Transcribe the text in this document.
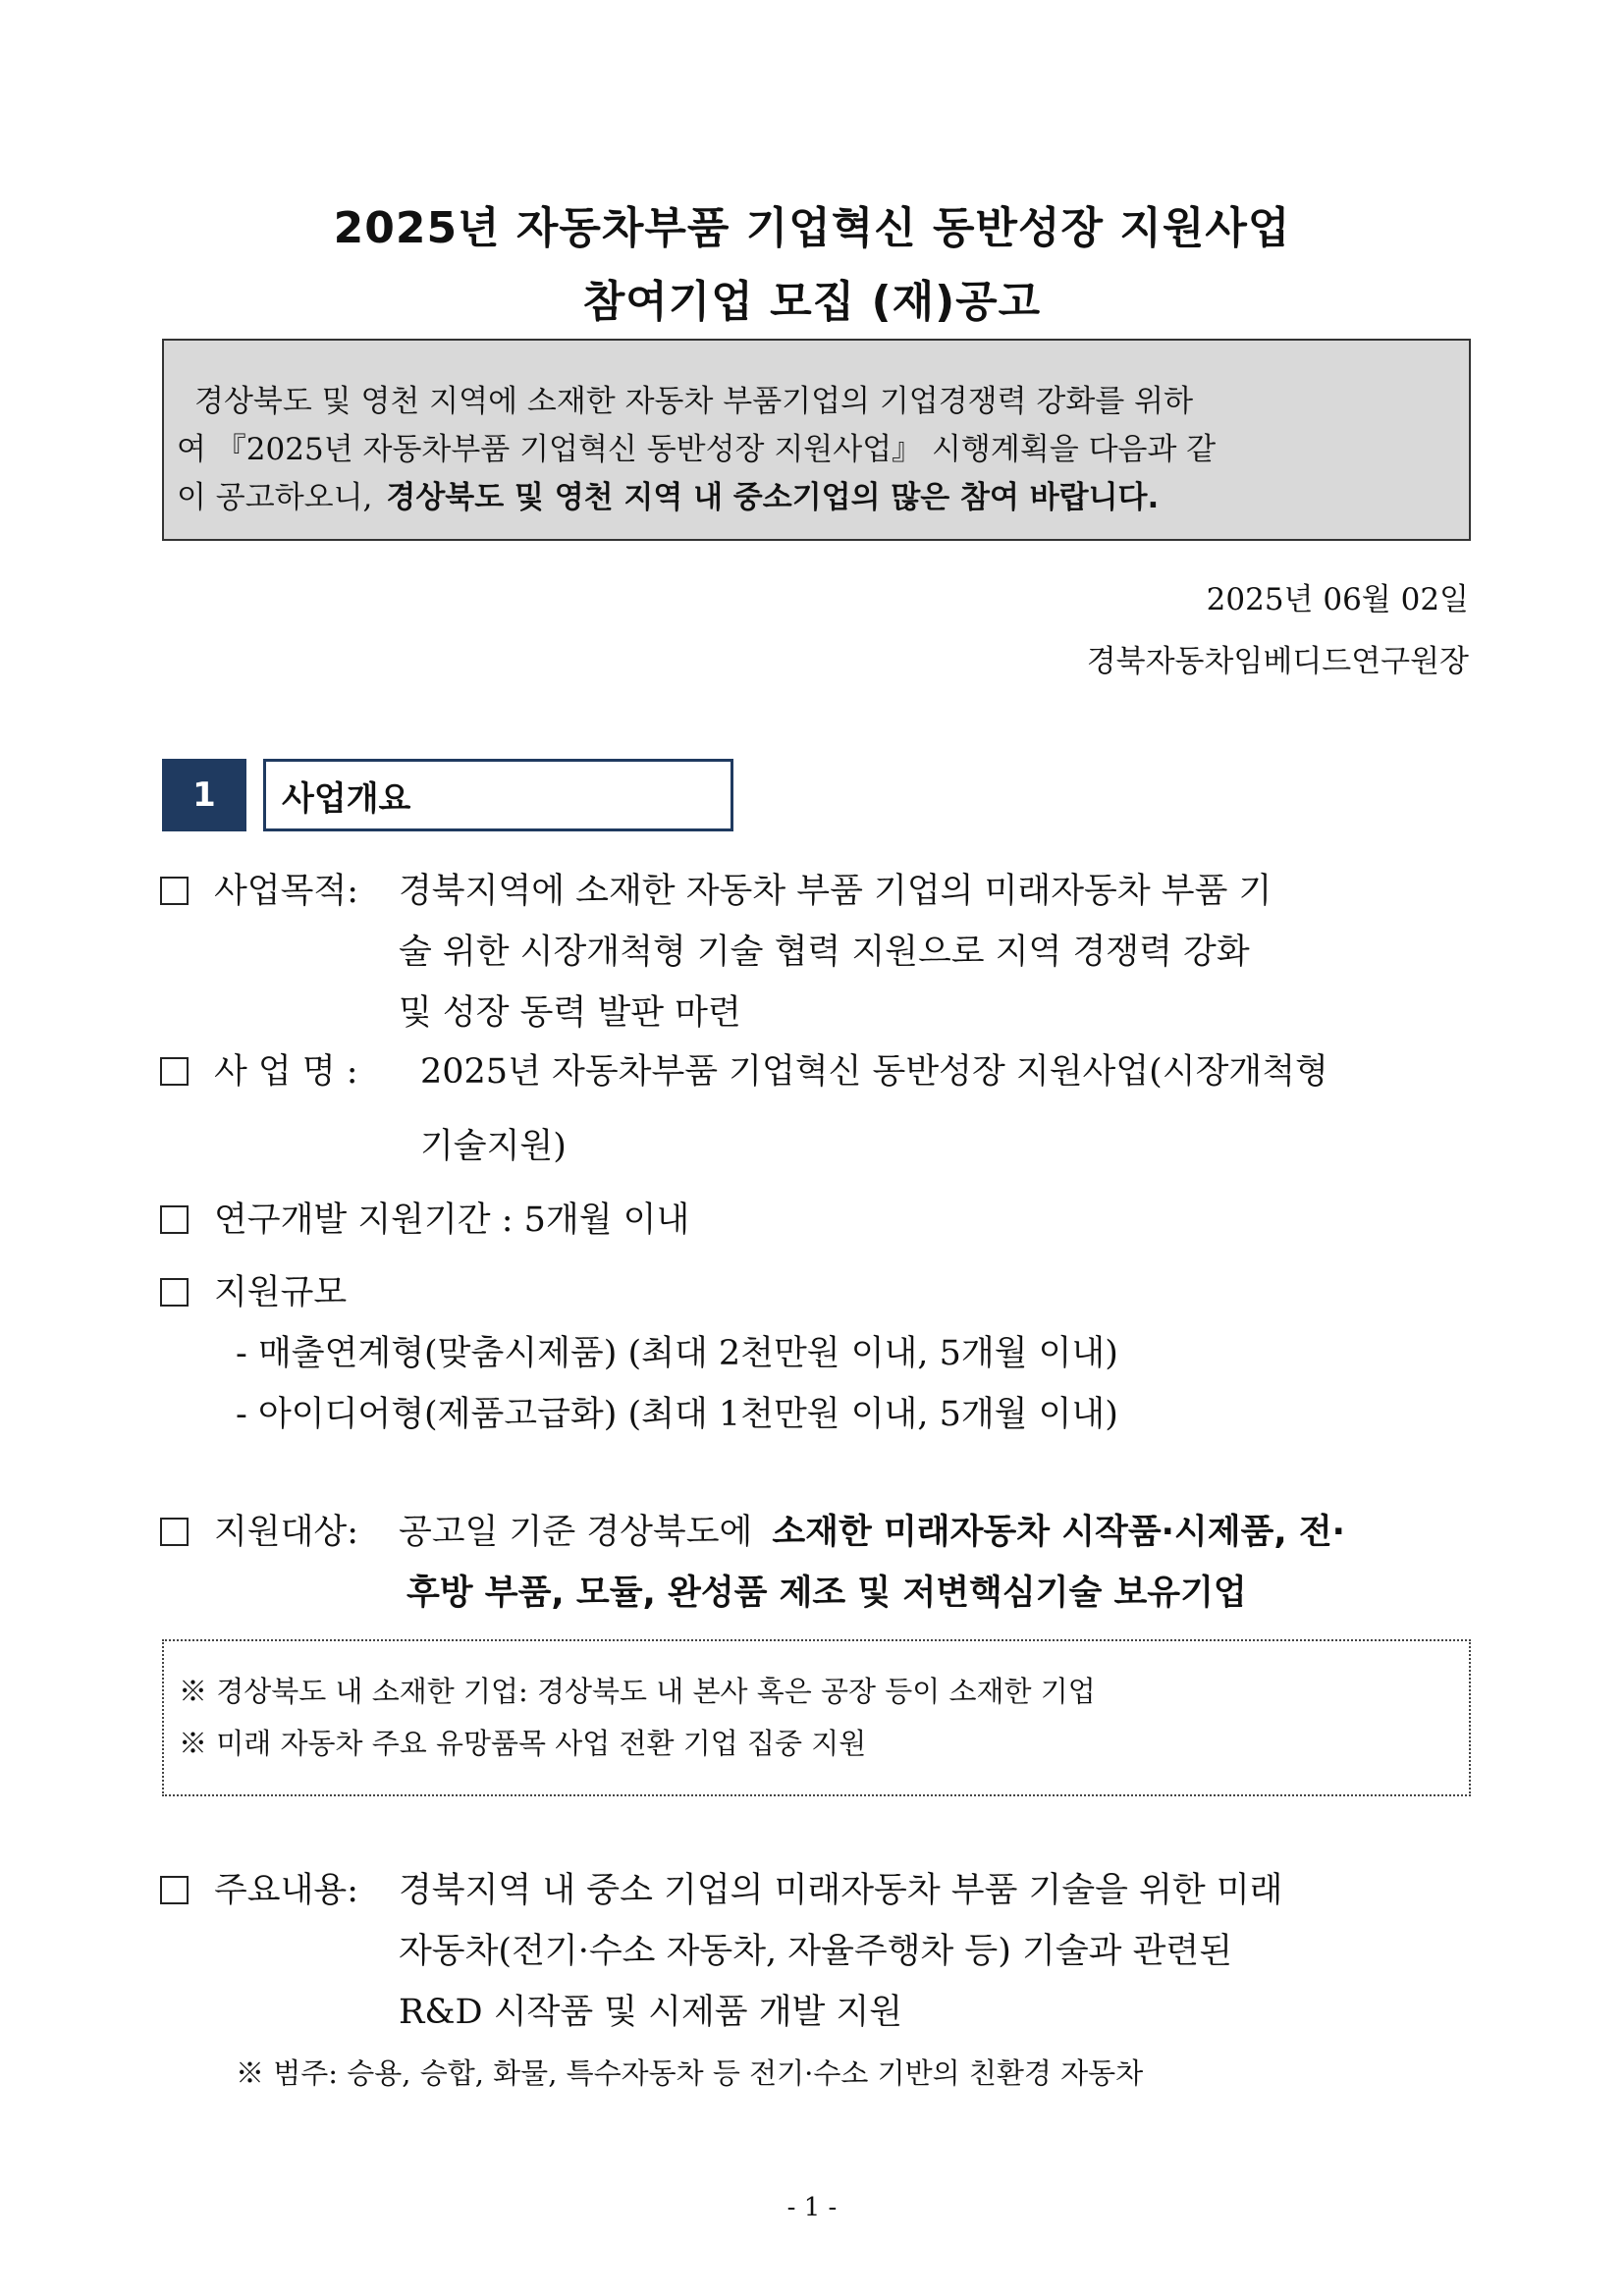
2025년 자동차부품 기업혁신 동반성장 지원사업
참여기업 모집 (재)공고
경상북도 및 영천 지역에 소재한 자동차 부품기업의 기업경쟁력 강화를 위하
여 『2025년 자동차부품 기업혁신 동반성장 지원사업』 시행계획을 다음과 같
이 공고하오니, 경상북도 및 영천 지역 내 중소기업의 많은 참여 바랍니다.
2025년 06월 02일
경북자동차임베디드연구원장
1	사업개요
사업목적: 경북지역에 소재한 자동차 부품 기업의 미래자동차 부품 기
술 위한 시장개척형 기술 협력 지원으로 지역 경쟁력 강화
및 성장 동력 발판 마련
사 업 명 : 2025년 자동차부품 기업혁신 동반성장 지원사업(시장개척형
기술지원)
연구개발 지원기간 : 5개월 이내
지원규모
- 매출연계형(맞춤시제품) (최대 2천만원 이내, 5개월 이내)
- 아이디어형(제품고급화) (최대 1천만원 이내, 5개월 이내)
지원대상: 공고일 기준 경상북도에 소재한 미래자동차 시작품·시제품, 전·
후방 부품, 모듈, 완성품 제조 및 저변핵심기술 보유기업
※ 경상북도 내 소재한 기업: 경상북도 내 본사 혹은 공장 등이 소재한 기업
※ 미래 자동차 주요 유망품목 사업 전환 기업 집중 지원
주요내용: 경북지역 내 중소 기업의 미래자동차 부품 기술을 위한 미래
자동차(전기·수소 자동차, 자율주행차 등) 기술과 관련된
R&D 시작품 및 시제품 개발 지원
※ 범주: 승용, 승합, 화물, 특수자동차 등 전기·수소 기반의 친환경 자동차
- 1 -
